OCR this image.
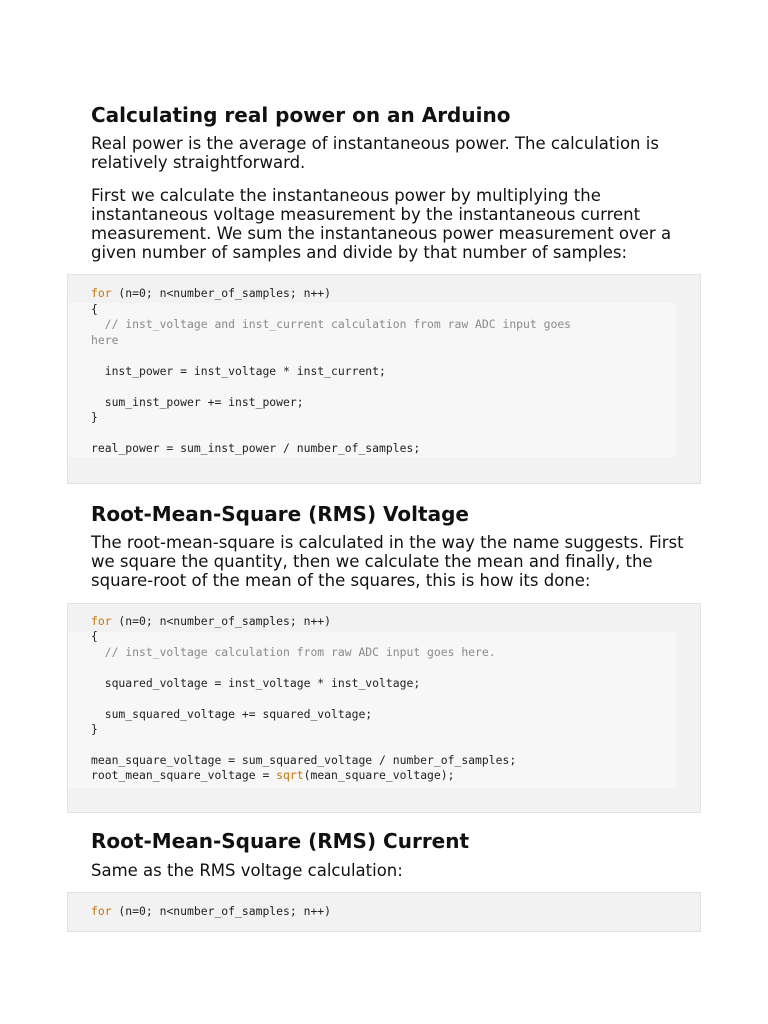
Calculating real power on an Arduino

Real power is the average of instantaneous power. The calculation is relatively straightforward.

First we calculate the instantaneous power by multiplying the instantaneous voltage measurement by the instantaneous current measurement. We sum the instantaneous power measurement over a given number of samples and divide by that number of samples:

for (n=0; n<number_of_samples; n++)
{
// inst_voltage and inst_current calculation from raw ADC input goes
here
inst_power = inst_voltage * inst_current;
sum_inst_power += inst_power;
}
real_power = sum_inst_power / number_of_samples;
Root-Mean-Square (RMS) Voltage

The root-mean-square is calculated in the way the name suggests. First we square the quantity, then we calculate the mean and finally, the square-root of the mean of the squares, this is how its done:

for (n=0; n<number_of_samples; n++)
{
// inst_voltage calculation from raw ADC input goes here.
squared_voltage = inst_voltage * inst_voltage;
sum_squared_voltage += squared_voltage;
}
mean_square_voltage = sum_squared_voltage / number_of_samples;
root_mean_square_voltage = sqrt(mean_square_voltage);
Root-Mean-Square (RMS) Current

Same as the RMS voltage calculation:

for (n=0; n<number_of_samples; n++)
